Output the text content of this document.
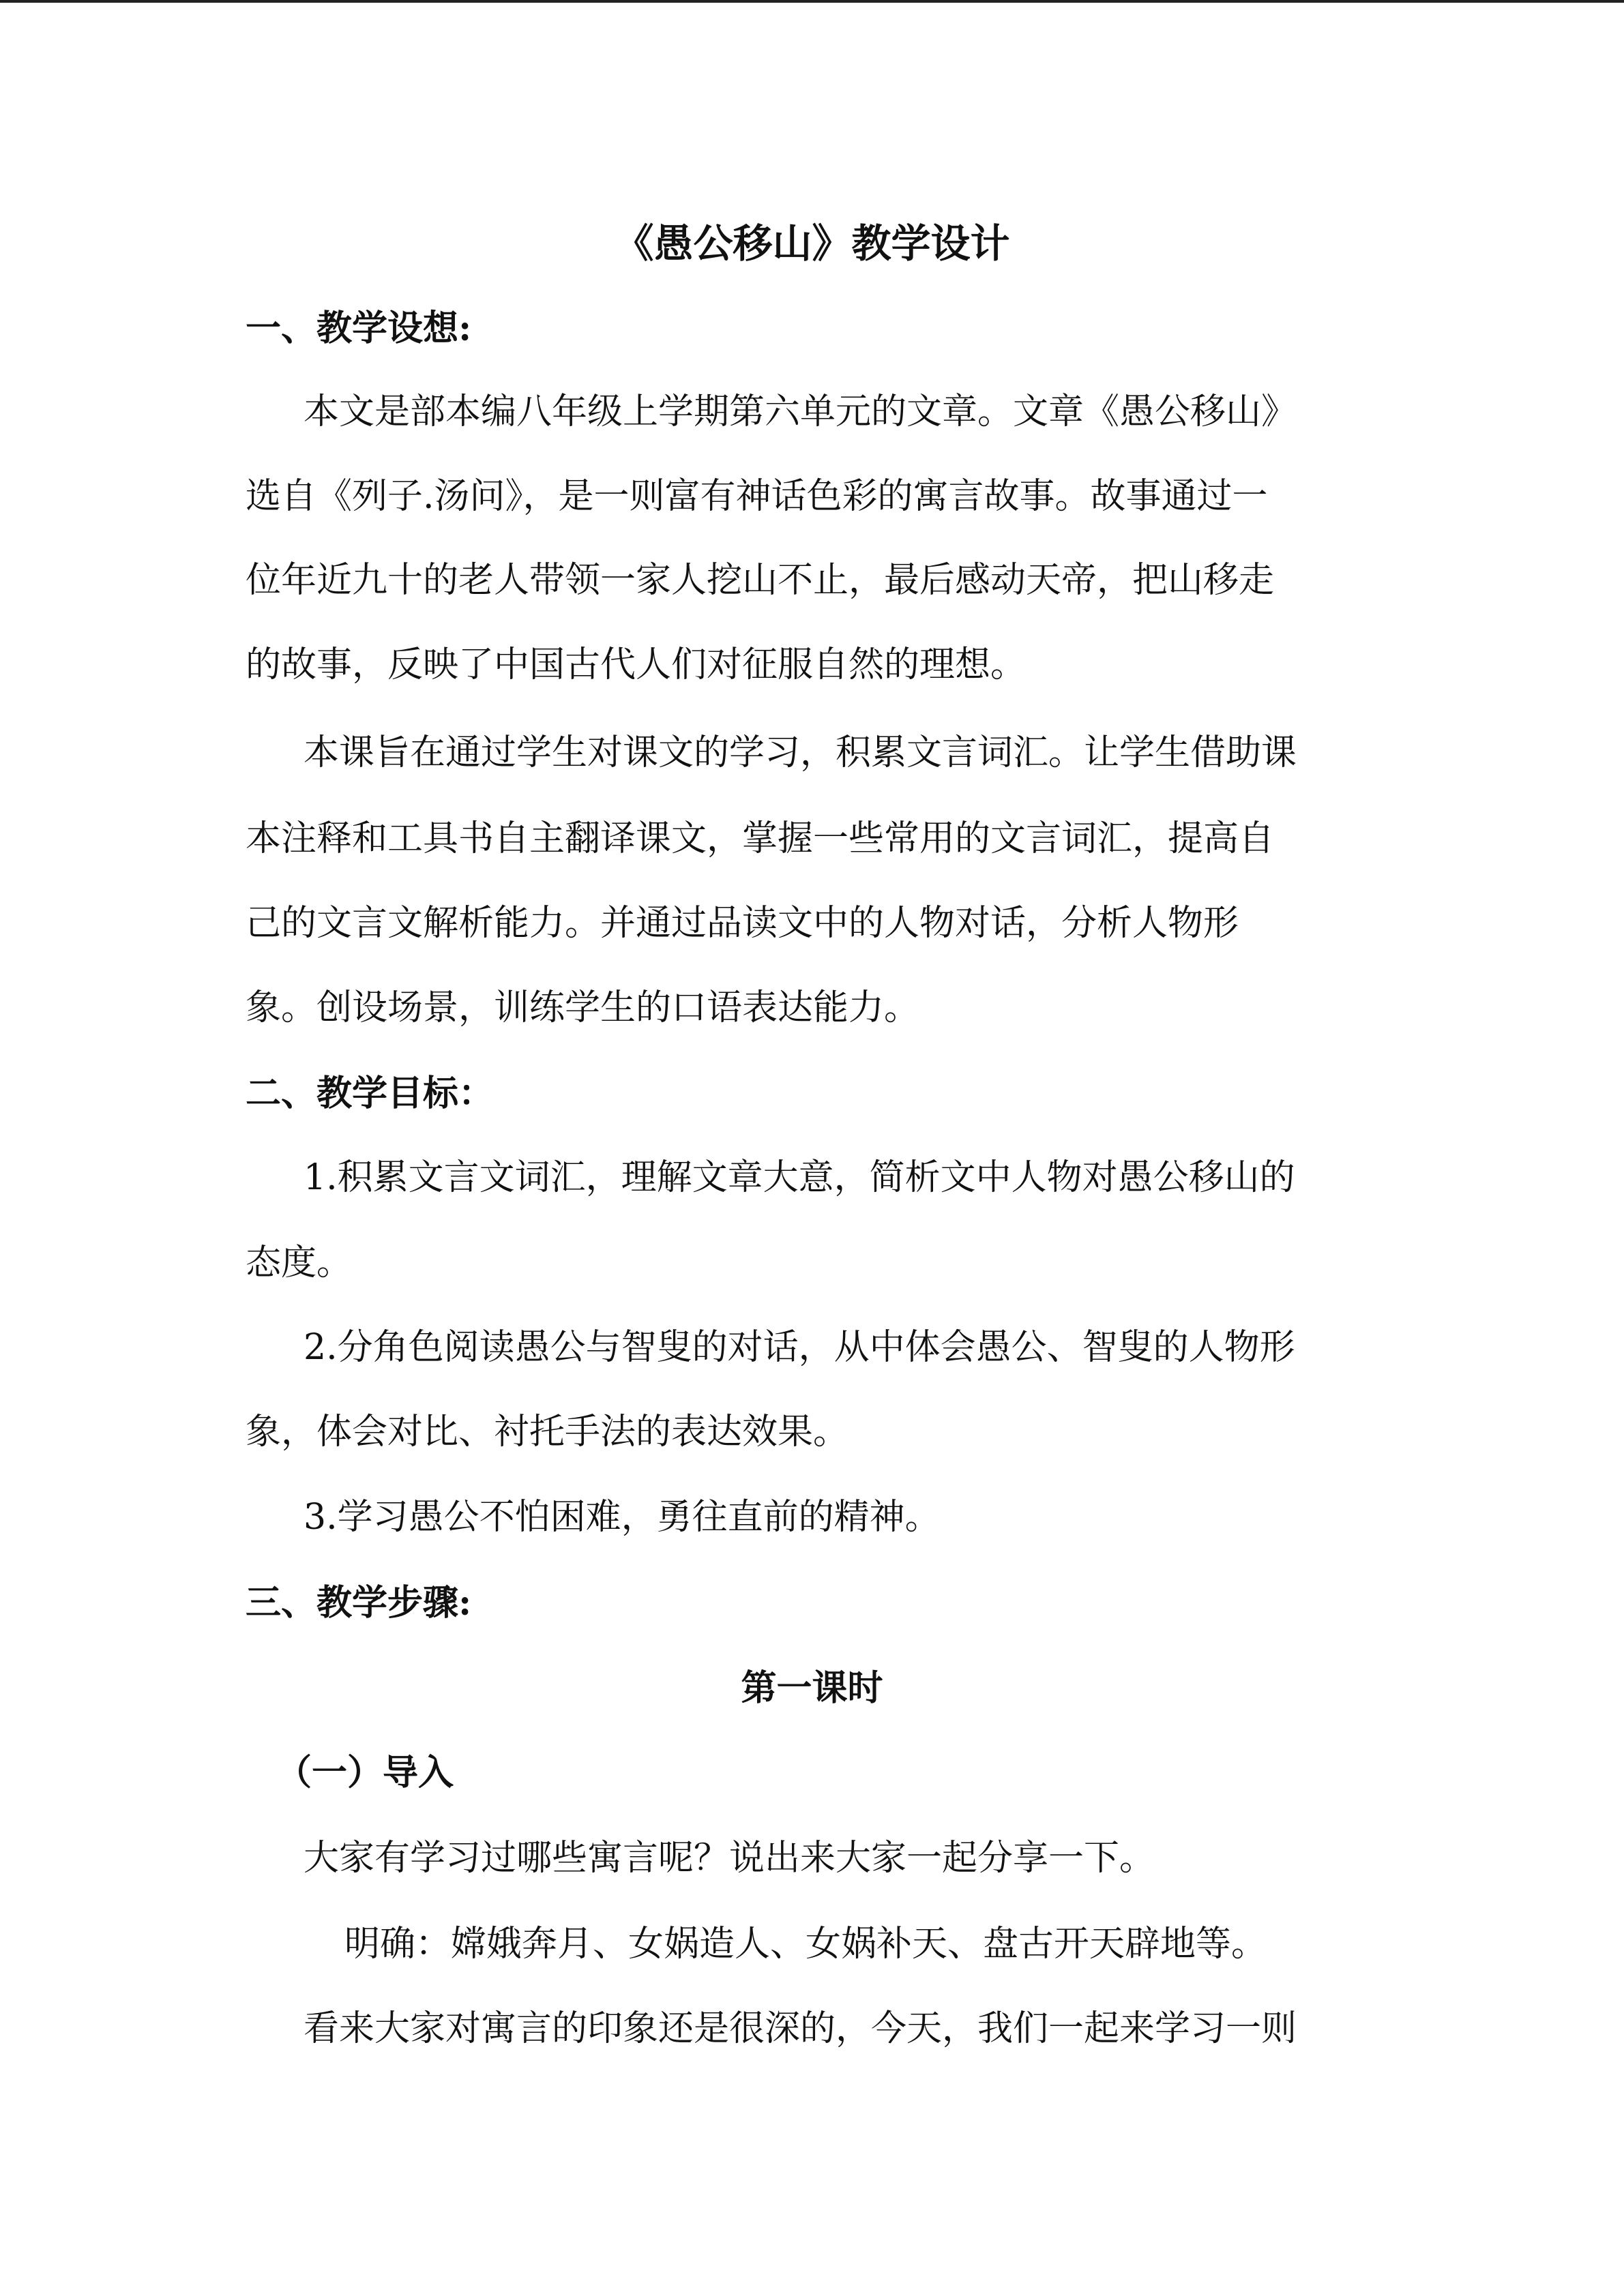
《愚公移山》教学设计
一、教学设想:
本文是部本编八年级上学期第六单元的文章。文章《愚公移山》
选自《列子.汤问》，是一则富有神话色彩的寓言故事。故事通过一
位年近九十的老人带领一家人挖山不止，最后感动天帝，把山移走
的故事，反映了中国古代人们对征服自然的理想。
本课旨在通过学生对课文的学习，积累文言词汇。让学生借助课
本注释和工具书自主翻译课文，掌握一些常用的文言词汇，提高自
己的文言文解析能力。并通过品读文中的人物对话，分析人物形
象。创设场景，训练学生的口语表达能力。
二、教学目标：
1.积累文言文词汇，理解文章大意，简析文中人物对愚公移山的
态度。
2.分角色阅读愚公与智叟的对话，从中体会愚公、智叟的人物形
象，体会对比、衬托手法的表达效果。
3.学习愚公不怕困难，勇往直前的精神。
三、教学步骤:
第一课时
（一）导入
大家有学习过哪些寓言呢？说出来大家一起分享一下。
明确：嫦娥奔月、女娲造人、女娲补天、盘古开天辟地等。
看来大家对寓言的印象还是很深的，今天，我们一起来学习一则
